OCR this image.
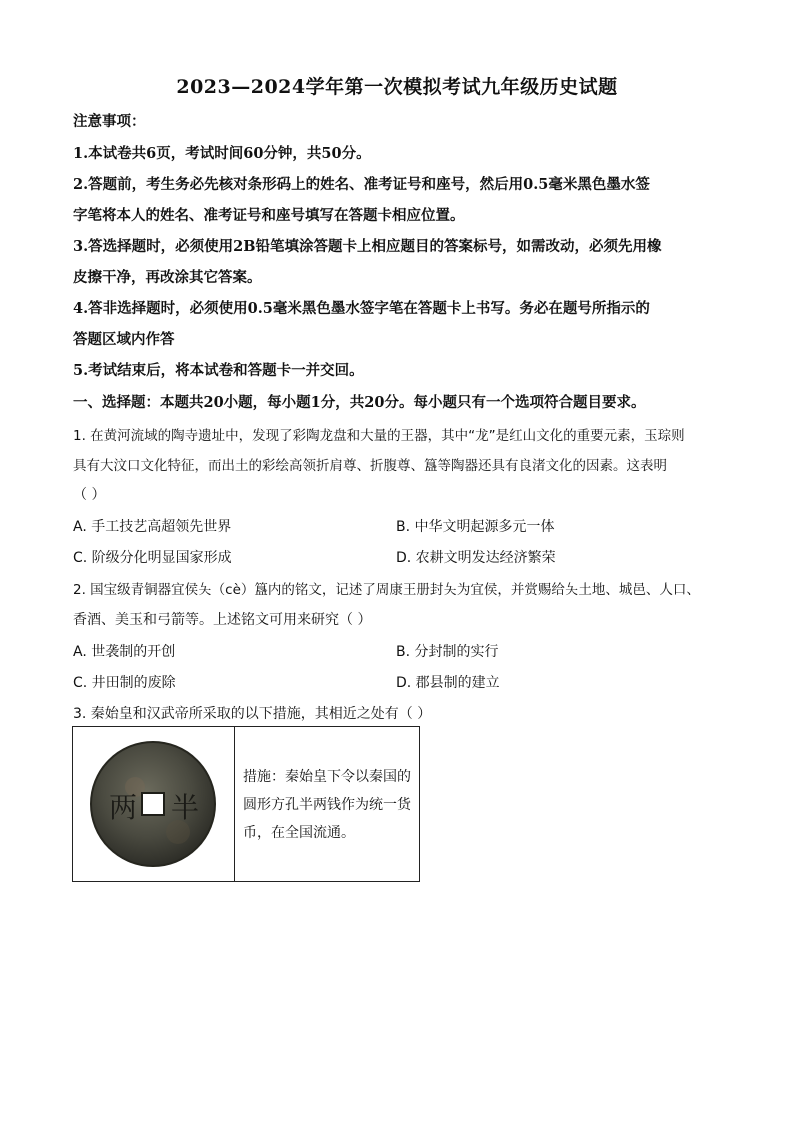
2023—2024学年第一次模拟考试九年级历史试题
注意事项：
1.本试卷共6页，考试时间60分钟，共50分。
2.答题前，考生务必先核对条形码上的姓名、准考证号和座号，然后用0.5毫米黑色墨水签
字笔将本人的姓名、准考证号和座号填写在答题卡相应位置。
3.答选择题时，必须使用2B铅笔填涂答题卡上相应题目的答案标号，如需改动，必须先用橡
皮擦干净，再改涂其它答案。
4.答非选择题时，必须使用0.5毫米黑色墨水签字笔在答题卡上书写。务必在题号所指示的
答题区域内作答
5.考试结束后，将本试卷和答题卡一并交回。
一、选择题：本题共20小题，每小题1分，共20分。每小题只有一个选项符合题目要求。
1. 在黄河流域的陶寺遗址中，发现了彩陶龙盘和大量的王器，其中“龙”是红山文化的重要元素，玉琮则
具有大汶口文化特征，而出土的彩绘高领折肩尊、折腹尊、簋等陶器还具有良渚文化的因素。这表明
（ ）
A. 手工技艺高超领先世界	B. 中华文明起源多元一体
C. 阶级分化明显国家形成	D. 农耕文明发达经济繁荣
2. 国宝级青铜器宜侯夨（cè）簋内的铭文，记述了周康王册封夨为宜侯，并赏赐给夨土地、城邑、人口、
香酒、美玉和弓箭等。上述铭文可用来研究（ ）
A. 世袭制的开创	B. 分封制的实行
C. 井田制的废除	D. 郡县制的建立
3. 秦始皇和汉武帝所采取的以下措施，其相近之处有（ ）
两 半
措施：秦始皇下令以秦国的
圆形方孔半两钱作为统一货
币，在全国流通。
